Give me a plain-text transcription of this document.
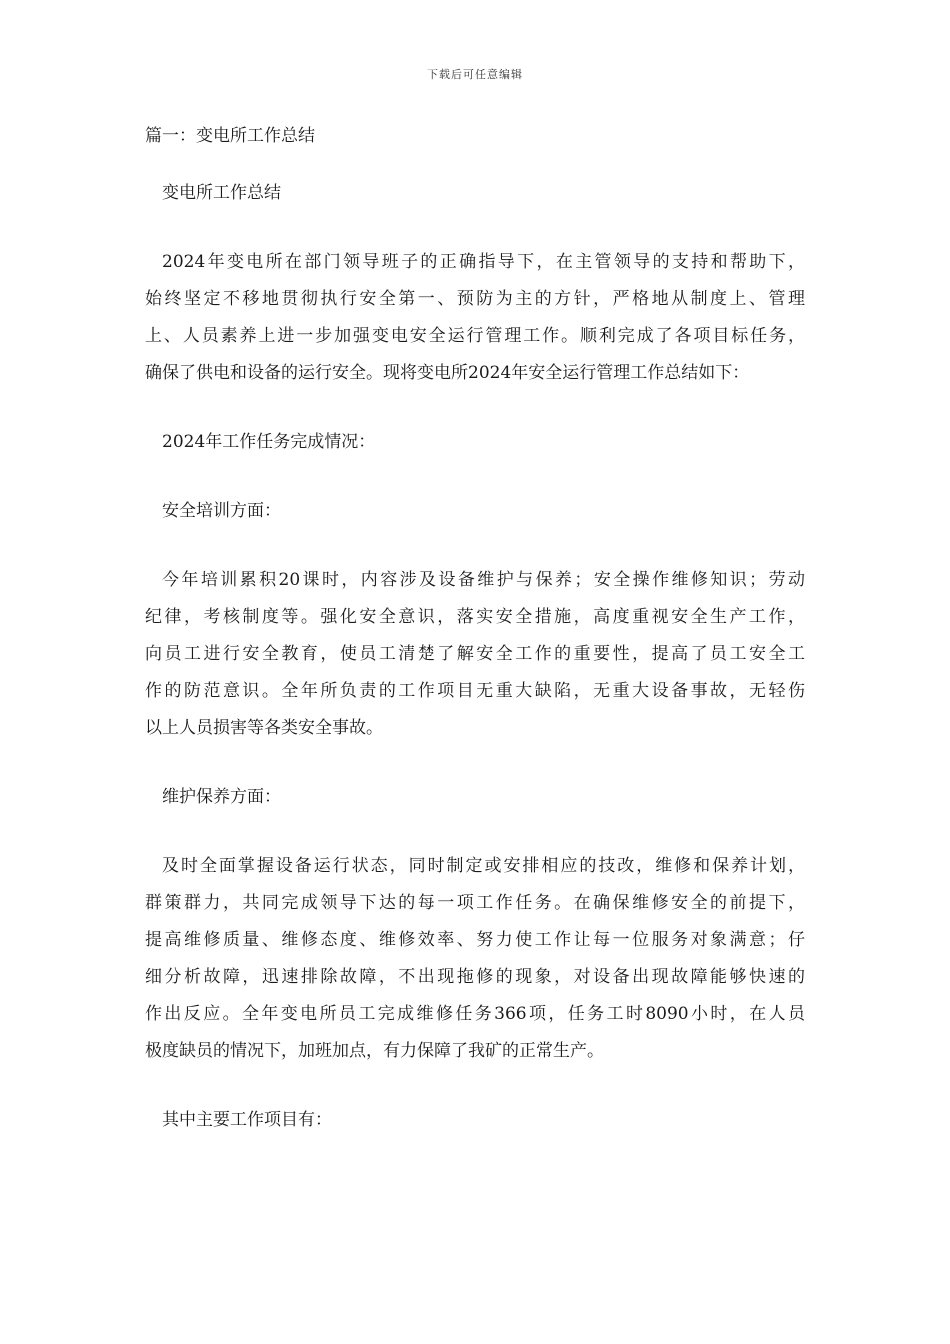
下载后可任意编辑

篇一：变电所工作总结

变电所工作总结

2024年变电所在部门领导班子的正确指导下，在主管领导的支持和帮助下，
始终坚定不移地贯彻执行安全第一、预防为主的方针，严格地从制度上、管理
上、人员素养上进一步加强变电安全运行管理工作。顺利完成了各项目标任务，
确保了供电和设备的运行安全。现将变电所2024年安全运行管理工作总结如下：

2024年工作任务完成情况：

安全培训方面：

今年培训累积20课时，内容涉及设备维护与保养；安全操作维修知识；劳动
纪律，考核制度等。强化安全意识，落实安全措施，高度重视安全生产工作，
向员工进行安全教育，使员工清楚了解安全工作的重要性，提高了员工安全工
作的防范意识。全年所负责的工作项目无重大缺陷，无重大设备事故，无轻伤
以上人员损害等各类安全事故。

维护保养方面：

及时全面掌握设备运行状态，同时制定或安排相应的技改，维修和保养计划，
群策群力，共同完成领导下达的每一项工作任务。在确保维修安全的前提下，
提高维修质量、维修态度、维修效率、努力使工作让每一位服务对象满意；仔
细分析故障，迅速排除故障，不出现拖修的现象，对设备出现故障能够快速的
作出反应。全年变电所员工完成维修任务366项，任务工时8090小时，在人员
极度缺员的情况下，加班加点，有力保障了我矿的正常生产。

其中主要工作项目有：
